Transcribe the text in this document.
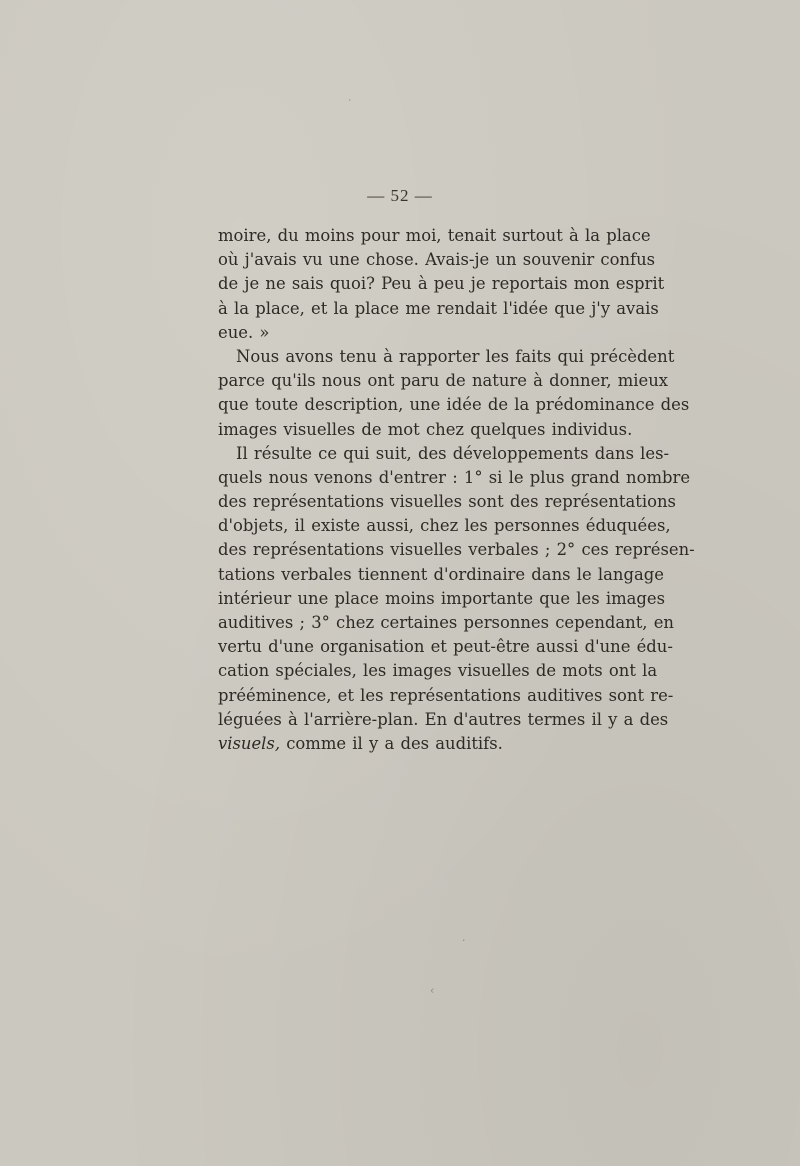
— 52 —
moire, du moins pour moi, tenait surtout à la place
où j'avais vu une chose. Avais-je un souvenir confus
de je ne sais quoi? Peu à peu je reportais mon esprit
à la place, et la place me rendait l'idée que j'y avais
eue. »
Nous avons tenu à rapporter les faits qui précèdent
parce qu'ils nous ont paru de nature à donner, mieux
que toute description, une idée de la prédominance des
images visuelles de mot chez quelques individus.
Il résulte ce qui suit, des développements dans les-
quels nous venons d'entrer : 1° si le plus grand nombre
des représentations visuelles sont des représentations
d'objets, il existe aussi, chez les personnes éduquées,
des représentations visuelles verbales ; 2° ces représen-
tations verbales tiennent d'ordinaire dans le langage
intérieur une place moins importante que les images
auditives ; 3° chez certaines personnes cependant, en
vertu d'une organisation et peut-être aussi d'une édu-
cation spéciales, les images visuelles de mots ont la
prééminence, et les représentations auditives sont re-
léguées à l'arrière-plan. En d'autres termes il y a des
visuels, comme il y a des auditifs.
˙
·
‹
